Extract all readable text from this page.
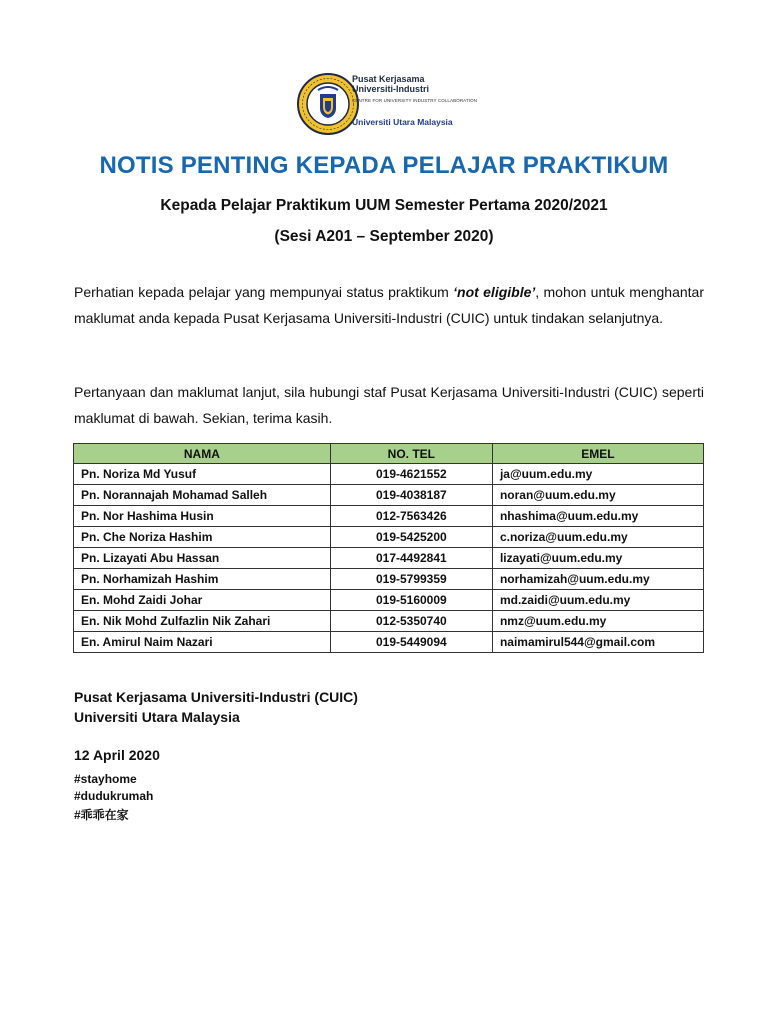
Pusat Kerjasama
Universiti-Industri
CENTRE FOR UNIVERSITY INDUSTRY COLLABORATION
Universiti Utara Malaysia
NOTIS PENTING KEPADA PELAJAR PRAKTIKUM
Kepada Pelajar Praktikum UUM Semester Pertama 2020/2021
(Sesi A201 – September 2020)
Perhatian kepada pelajar yang mempunyai status praktikum ‘not eligible’, mohon untuk menghantar maklumat anda kepada Pusat Kerjasama Universiti-Industri (CUIC) untuk tindakan selanjutnya.
Pertanyaan dan maklumat lanjut, sila hubungi staf Pusat Kerjasama Universiti-Industri (CUIC) seperti maklumat di bawah. Sekian, terima kasih.
NAMA	NO. TEL	EMEL
Pn. Noriza Md Yusuf	019-4621552	ja@uum.edu.my
Pn. Norannajah Mohamad Salleh	019-4038187	noran@uum.edu.my
Pn. Nor Hashima Husin	012-7563426	nhashima@uum.edu.my
Pn. Che Noriza Hashim	019-5425200	c.noriza@uum.edu.my
Pn. Lizayati Abu Hassan	017-4492841	lizayati@uum.edu.my
Pn. Norhamizah Hashim	019-5799359	norhamizah@uum.edu.my
En. Mohd Zaidi Johar	019-5160009	md.zaidi@uum.edu.my
En. Nik Mohd Zulfazlin Nik Zahari	012-5350740	nmz@uum.edu.my
En. Amirul Naim Nazari	019-5449094	naimamirul544@gmail.com
Pusat Kerjasama Universiti-Industri (CUIC)
Universiti Utara Malaysia
12 April 2020
#stayhome
#dudukrumah
#乖乖在家
